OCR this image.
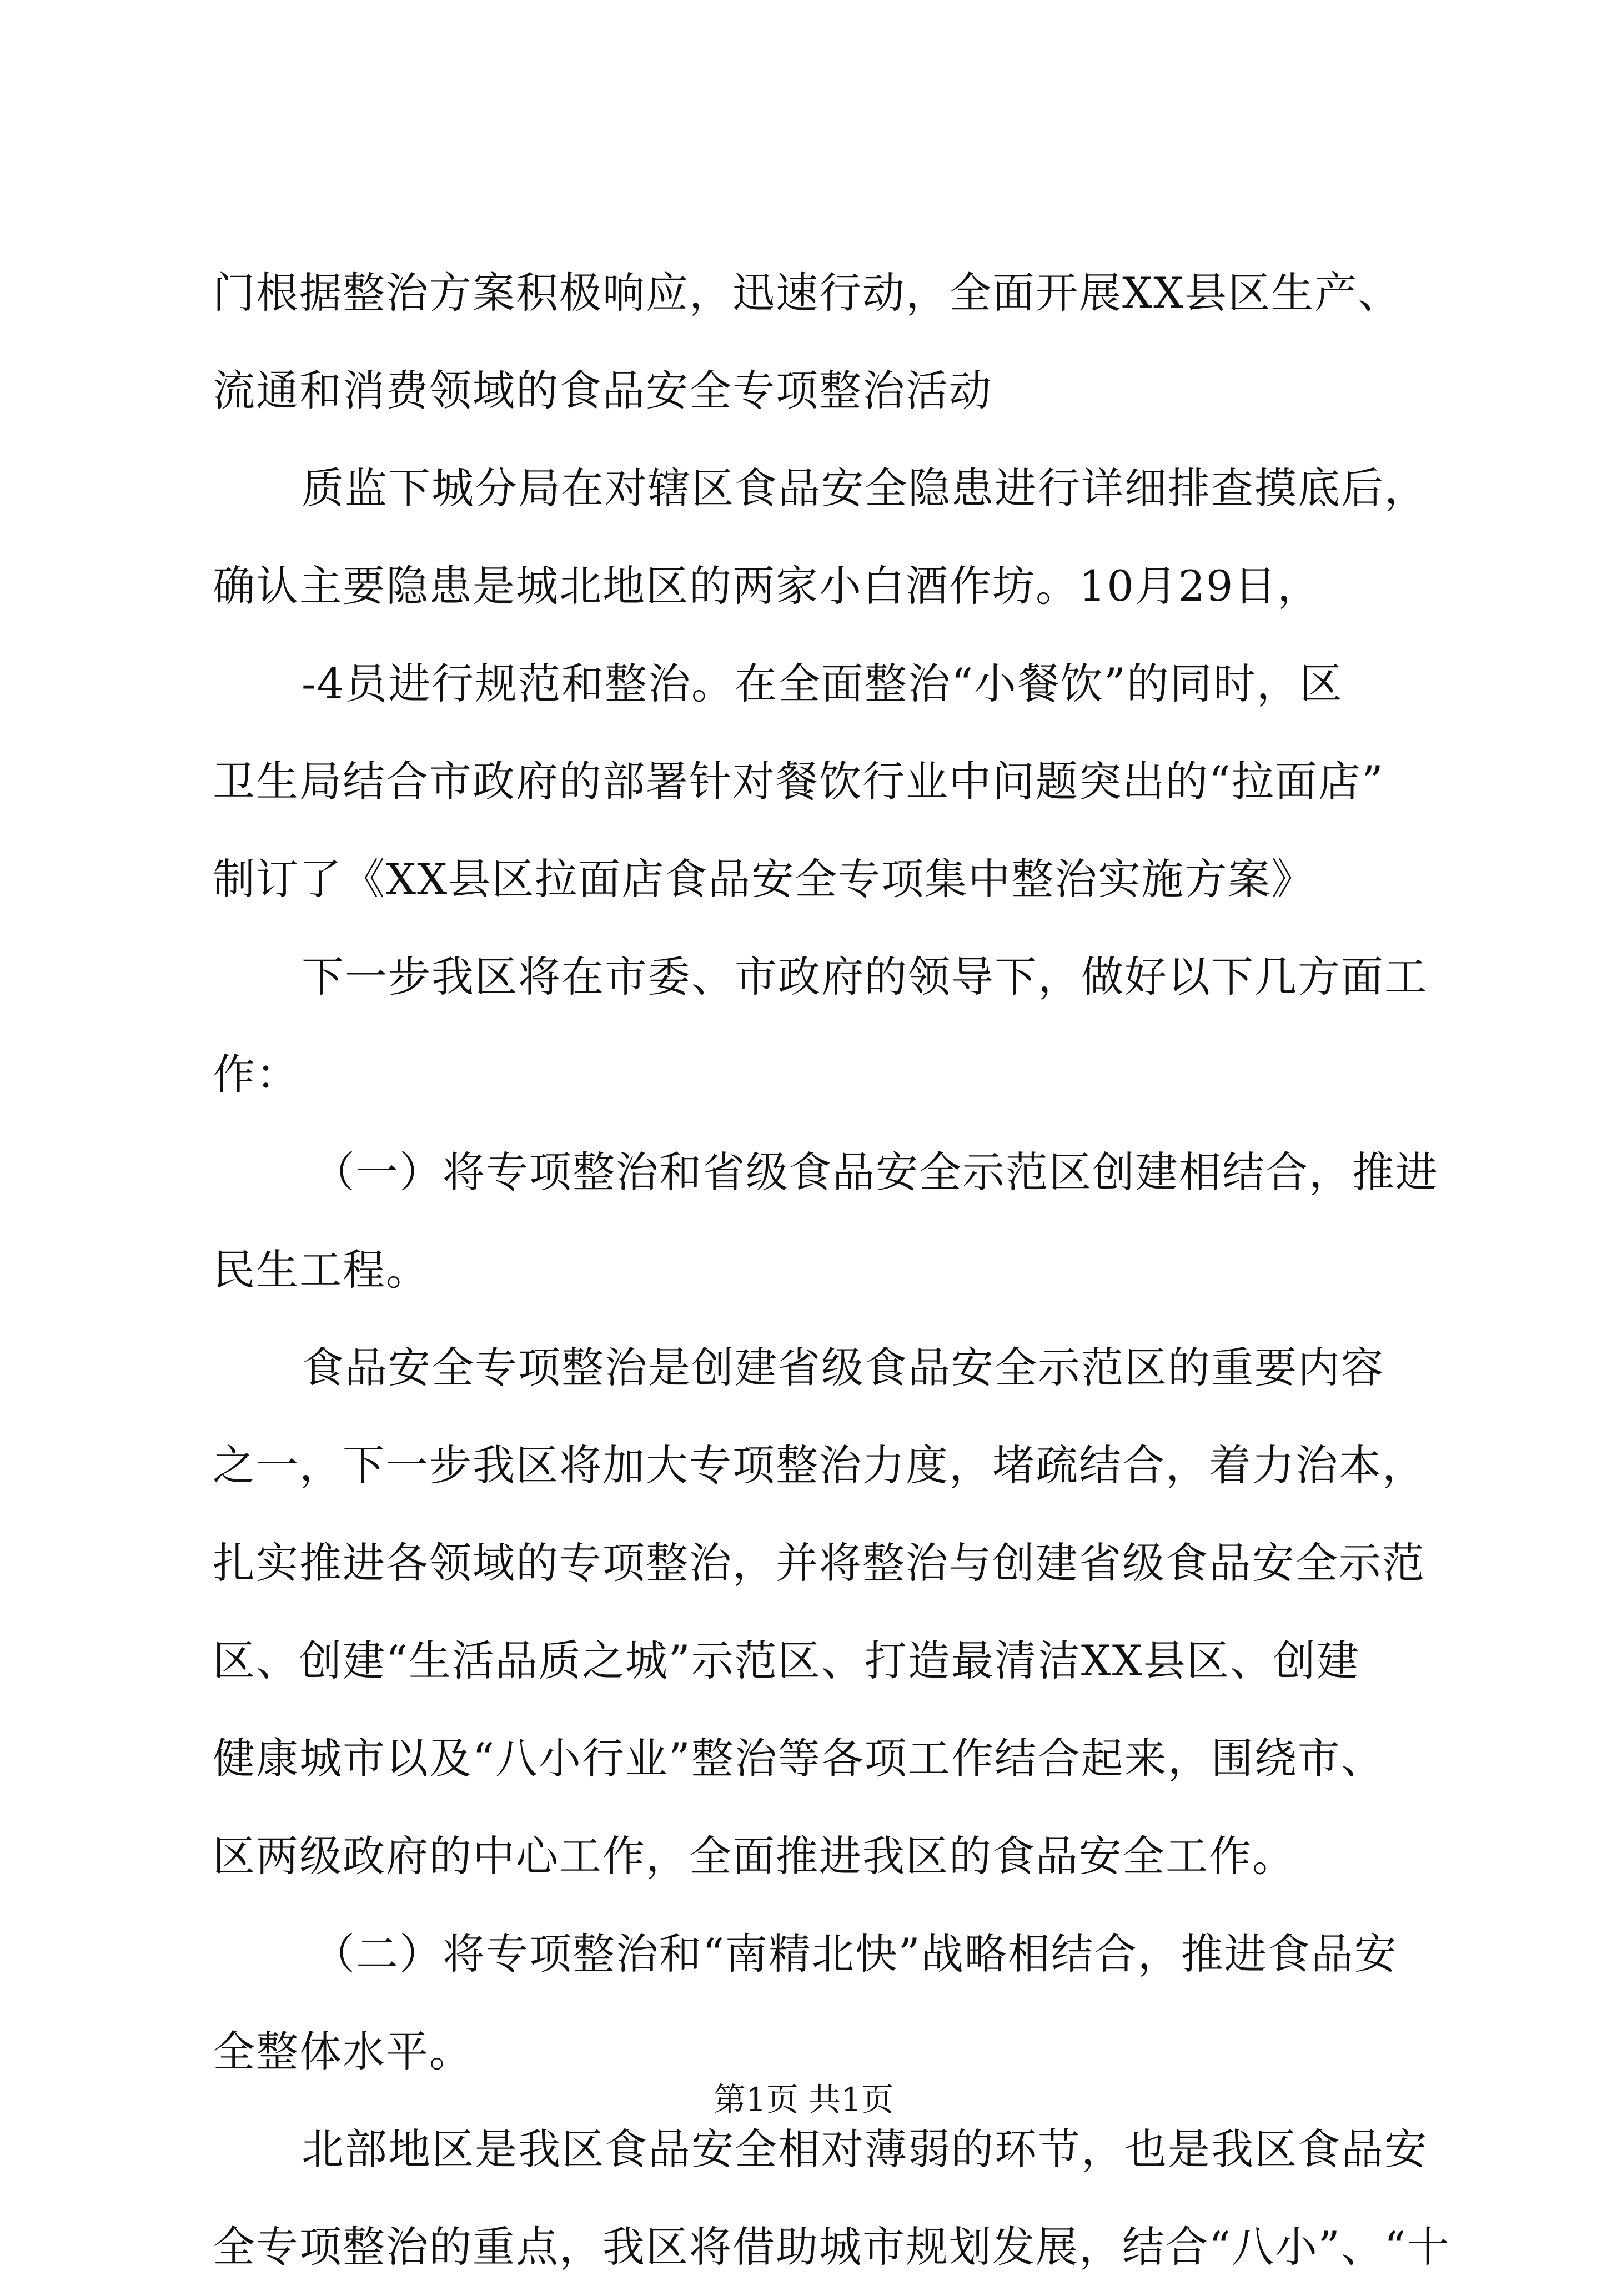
门根据整治方案积极响应，迅速行动，全面开展XX县区生产、
流通和消费领域的食品安全专项整治活动
质监下城分局在对辖区食品安全隐患进行详细排查摸底后，
确认主要隐患是城北地区的两家小白酒作坊。10月29日，
-4员进行规范和整治。在全面整治“小餐饮”的同时，区
卫生局结合市政府的部署针对餐饮行业中问题突出的“拉面店”
制订了《XX县区拉面店食品安全专项集中整治实施方案》
下一步我区将在市委、市政府的领导下，做好以下几方面工
作：
（一）将专项整治和省级食品安全示范区创建相结合，推进
民生工程。
食品安全专项整治是创建省级食品安全示范区的重要内容
之一，下一步我区将加大专项整治力度，堵疏结合，着力治本，
扎实推进各领域的专项整治，并将整治与创建省级食品安全示范
区、创建“生活品质之城”示范区、打造最清洁XX县区、创建
健康城市以及“八小行业”整治等各项工作结合起来，围绕市、
区两级政府的中心工作，全面推进我区的食品安全工作。
（二）将专项整治和“南精北快”战略相结合，推进食品安
全整体水平。
北部地区是我区食品安全相对薄弱的环节，也是我区食品安
全专项整治的重点，我区将借助城市规划发展，结合“八小”、“十
第1页 共1页
